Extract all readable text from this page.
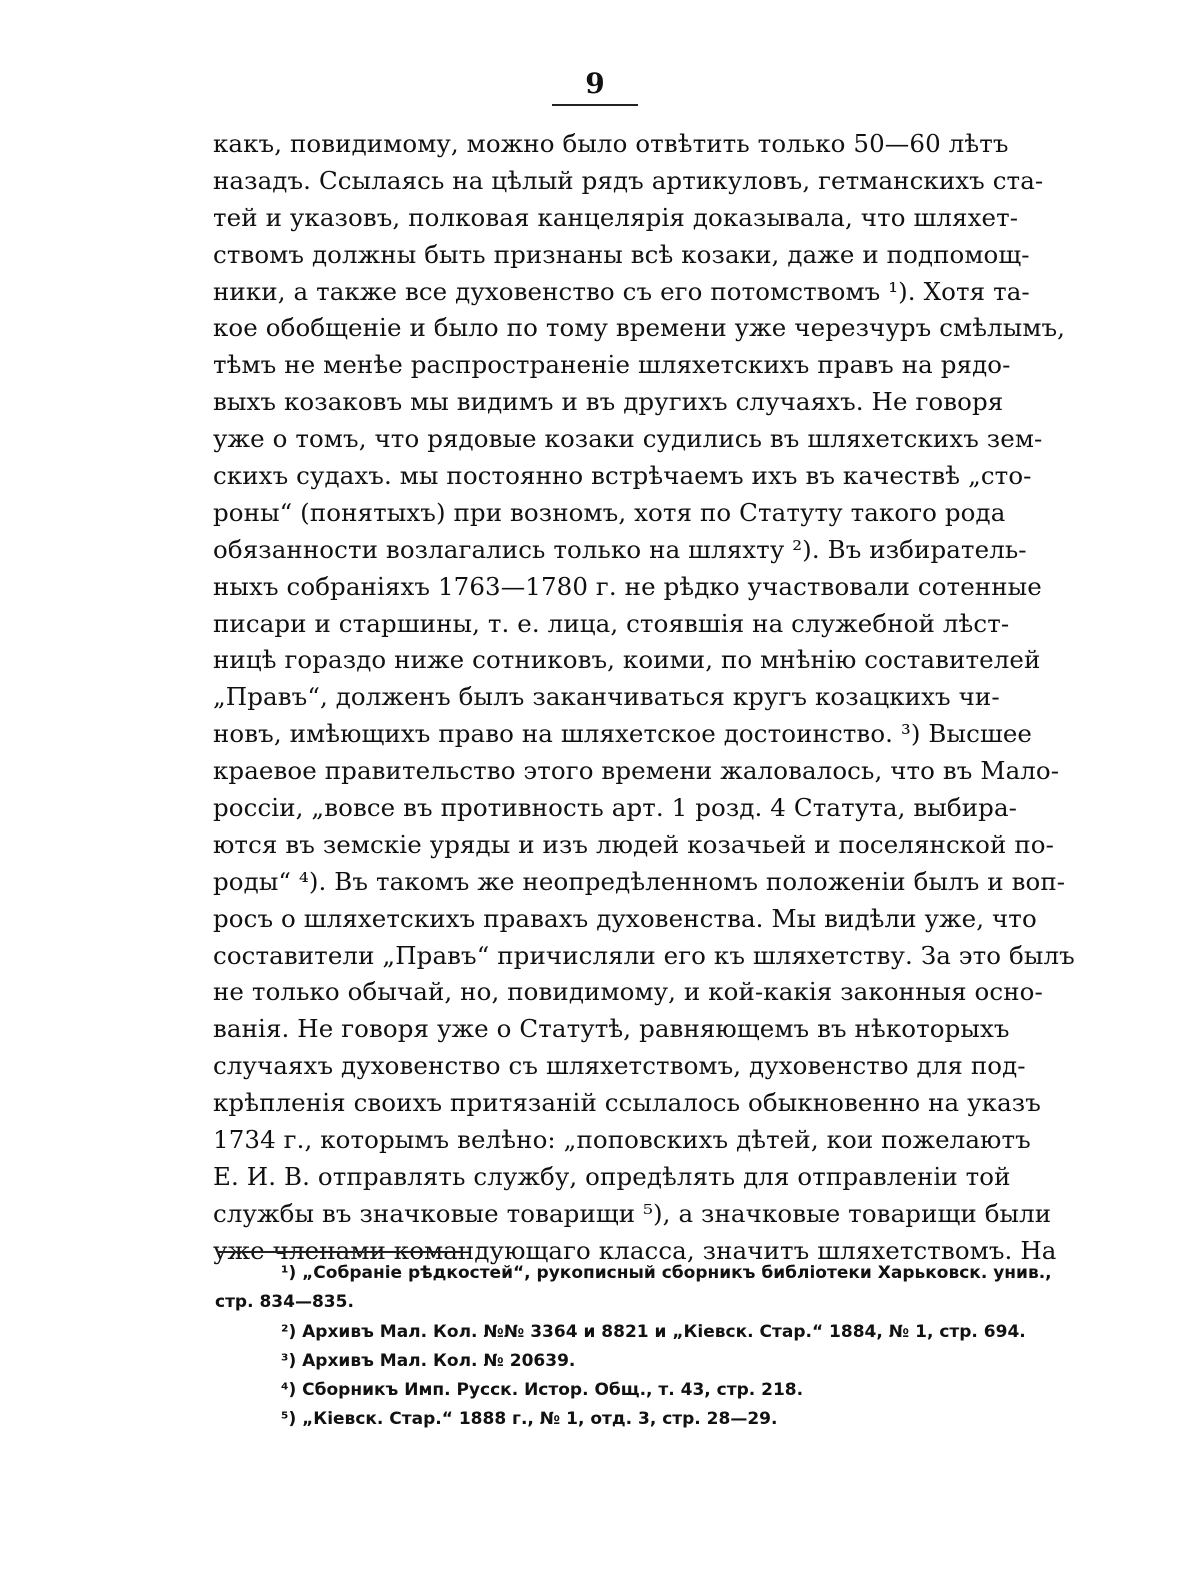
9
какъ, повидимому, можно было отвѣтить только 50—60 лѣтъ
назадъ. Ссылаясь на цѣлый рядъ артикуловъ, гетманскихъ ста-
тей и указовъ, полковая канцелярія доказывала, что шляхет-
ствомъ должны быть признаны всѣ козаки, даже и подпомощ-
ники, а также все духовенство съ его потомствомъ ¹). Хотя та-
кое обобщеніе и было по тому времени уже черезчуръ смѣлымъ,
тѣмъ не менѣе распространеніе шляхетскихъ правъ на рядо-
выхъ козаковъ мы видимъ и въ другихъ случаяхъ. Не говоря
уже о томъ, что рядовые козаки судились въ шляхетскихъ зем-
скихъ судахъ. мы постоянно встрѣчаемъ ихъ въ качествѣ „сто-
роны“ (понятыхъ) при возномъ, хотя по Статуту такого рода
обязанности возлагались только на шляхту ²). Въ избиратель-
ныхъ собраніяхъ 1763—1780 г. не рѣдко участвовали сотенные
писари и старшины, т. е. лица, стоявшія на служебной лѣст-
ницѣ гораздо ниже сотниковъ, коими, по мнѣнію составителей
„Правъ“, долженъ былъ заканчиваться кругъ козацкихъ чи-
новъ, имѣющихъ право на шляхетское достоинство. ³) Высшее
краевое правительство этого времени жаловалось, что въ Мало-
россіи, „вовсе въ противность арт. 1 розд. 4 Статута, выбира-
ются въ земскіе уряды и изъ людей козачьей и поселянской по-
роды“ ⁴). Въ такомъ же неопредѣленномъ положеніи былъ и воп-
росъ о шляхетскихъ правахъ духовенства. Мы видѣли уже, что
составители „Правъ“ причисляли его къ шляхетству. За это былъ
не только обычай, но, повидимому, и кой-какія законныя осно-
ванія. Не говоря уже о Статутѣ, равняющемъ въ нѣкоторыхъ
случаяхъ духовенство съ шляхетствомъ, духовенство для под-
крѣпленія своихъ притязаній ссылалось обыкновенно на указъ
1734 г., которымъ велѣно: „поповскихъ дѣтей, кои пожелаютъ
Е. И. В. отправлять службу, опредѣлять для отправленіи той
службы въ значковые товарищи ⁵), а значковые товарищи были
уже членами командующаго класса, значитъ шляхетствомъ. На
¹) „Собраніе рѣдкостей“, рукописный сборникъ библіотеки Харьковск. унив.,
стр. 834—835.
²) Архивъ Мал. Кол. №№ 3364 и 8821 и „Кіевск. Стар.“ 1884, № 1, стр. 694.
³) Архивъ Мал. Кол. № 20639.
⁴) Сборникъ Имп. Русск. Истор. Общ., т. 43, стр. 218.
⁵) „Кіевск. Стар.“ 1888 г., № 1, отд. 3, стр. 28—29.
